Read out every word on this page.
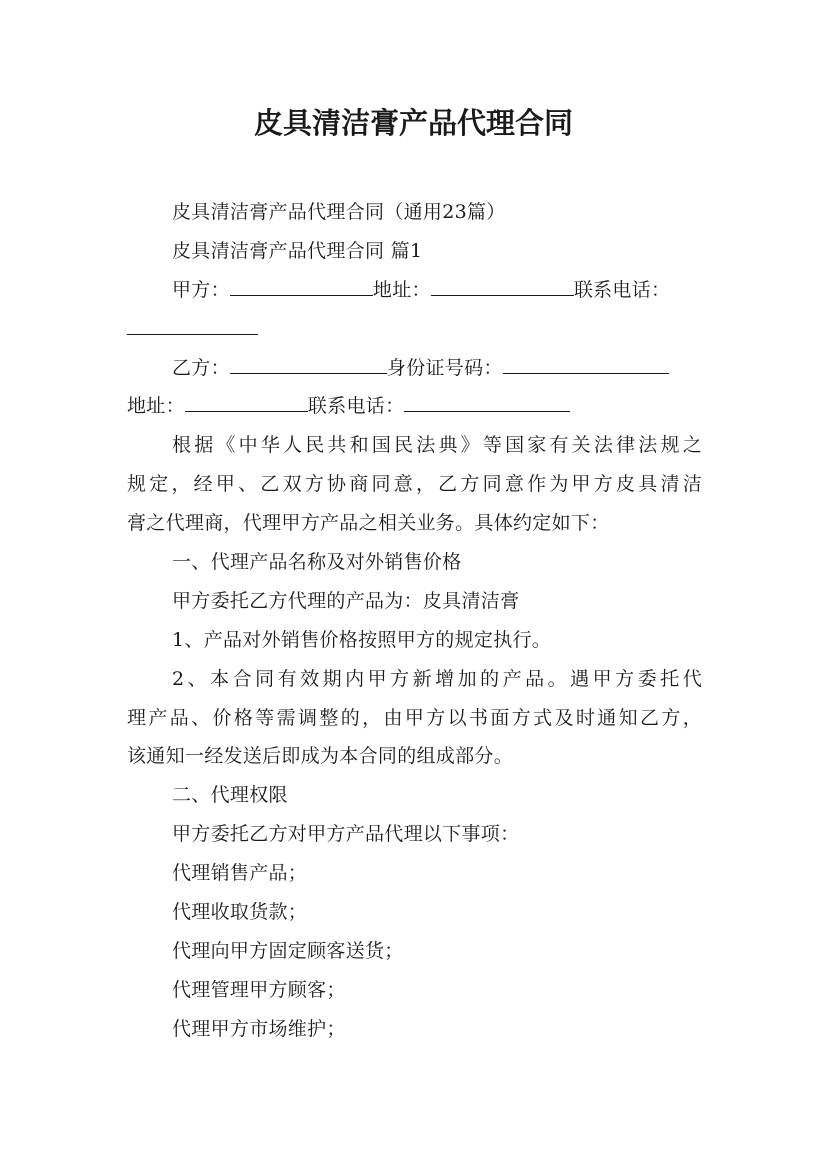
皮具清洁膏产品代理合同
皮具清洁膏产品代理合同（通用23篇）
皮具清洁膏产品代理合同 篇1
甲方：	地址：	联系电话：
乙方：	身份证号码：
地址：	联系电话：
根据《中华人民共和国民法典》等国家有关法律法规之
规定，经甲、乙双方协商同意，乙方同意作为甲方皮具清洁
膏之代理商，代理甲方产品之相关业务。具体约定如下：
一、代理产品名称及对外销售价格
甲方委托乙方代理的产品为：皮具清洁膏
1、产品对外销售价格按照甲方的规定执行。
2、本合同有效期内甲方新增加的产品。遇甲方委托代
理产品、价格等需调整的，由甲方以书面方式及时通知乙方，
该通知一经发送后即成为本合同的组成部分。
二、代理权限
甲方委托乙方对甲方产品代理以下事项：
代理销售产品；
代理收取货款；
代理向甲方固定顾客送货；
代理管理甲方顾客；
代理甲方市场维护；
